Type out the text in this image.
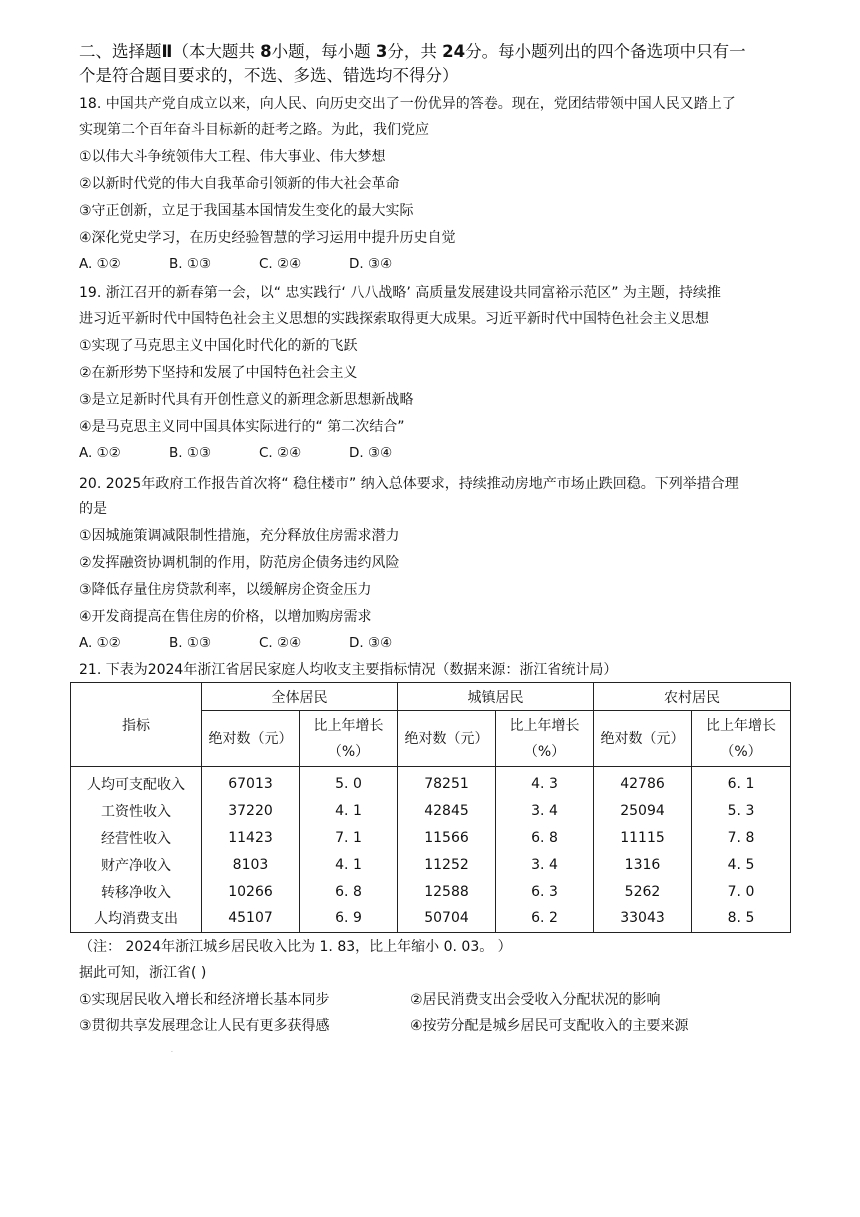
二、选择题Ⅱ（本大题共 8小题，每小题 3分，共 24分。每小题列出的四个备选项中只有一
个是符合题目要求的，不选、多选、错选均不得分）
18. 中国共产党自成立以来，向人民、向历史交出了一份优异的答卷。现在，党团结带领中国人民又踏上了
实现第二个百年奋斗目标新的赶考之路。为此，我们党应
①以伟大斗争统领伟大工程、伟大事业、伟大梦想
②以新时代党的伟大自我革命引领新的伟大社会革命
③守正创新，立足于我国基本国情发生变化的最大实际
④深化党史学习，在历史经验智慧的学习运用中提升历史自觉
A. ①②	B. ①③	C. ②④	D. ③④
19. 浙江召开的新春第一会，以“ 忠实践行‘ 八八战略’ 高质量发展建设共同富裕示范区” 为主题，持续推
进习近平新时代中国特色社会主义思想的实践探索取得更大成果。习近平新时代中国特色社会主义思想
①实现了马克思主义中国化时代化的新的飞跃
②在新形势下坚持和发展了中国特色社会主义
③是立足新时代具有开创性意义的新理念新思想新战略
④是马克思主义同中国具体实际进行的“ 第二次结合”
A. ①②	B. ①③	C. ②④	D. ③④
20. 2025年政府工作报告首次将“ 稳住楼市” 纳入总体要求，持续推动房地产市场止跌回稳。下列举措合理
的是
①因城施策调减限制性措施，充分释放住房需求潜力
②发挥融资协调机制的作用，防范房企债务违约风险
③降低存量住房贷款利率，以缓解房企资金压力
④开发商提高在售住房的价格，以增加购房需求
A. ①②	B. ①③	C. ②④	D. ③④
21. 下表为2024年浙江省居民家庭人均收支主要指标情况（数据来源：浙江省统计局）
指标	全体居民		城镇居民		农村居民	
	绝对数（元）	比上年增长
（%）	绝对数（元）	比上年增长
（%）	绝对数（元）	比上年增长
（%）
人均可支配收入	67013	5. 0	78251	4. 3	42786	6. 1
工资性收入	37220	4. 1	42845	3. 4	25094	5. 3
经营性收入	11423	7. 1	11566	6. 8	11115	7. 8
财产净收入	8103	4. 1	11252	3. 4	1316	4. 5
转移净收入	10266	6. 8	12588	6. 3	5262	7. 0
人均消费支出	45107	6. 9	50704	6. 2	33043	8. 5
（注： 2024年浙江城乡居民收入比为 1. 83，比上年缩小 0. 03。 ）
据此可知，浙江省( )
①实现居民收入增长和经济增长基本同步	②居民消费支出会受收入分配状况的影响
③贯彻共享发展理念让人民有更多获得感	④按劳分配是城乡居民可支配收入的主要来源
.
